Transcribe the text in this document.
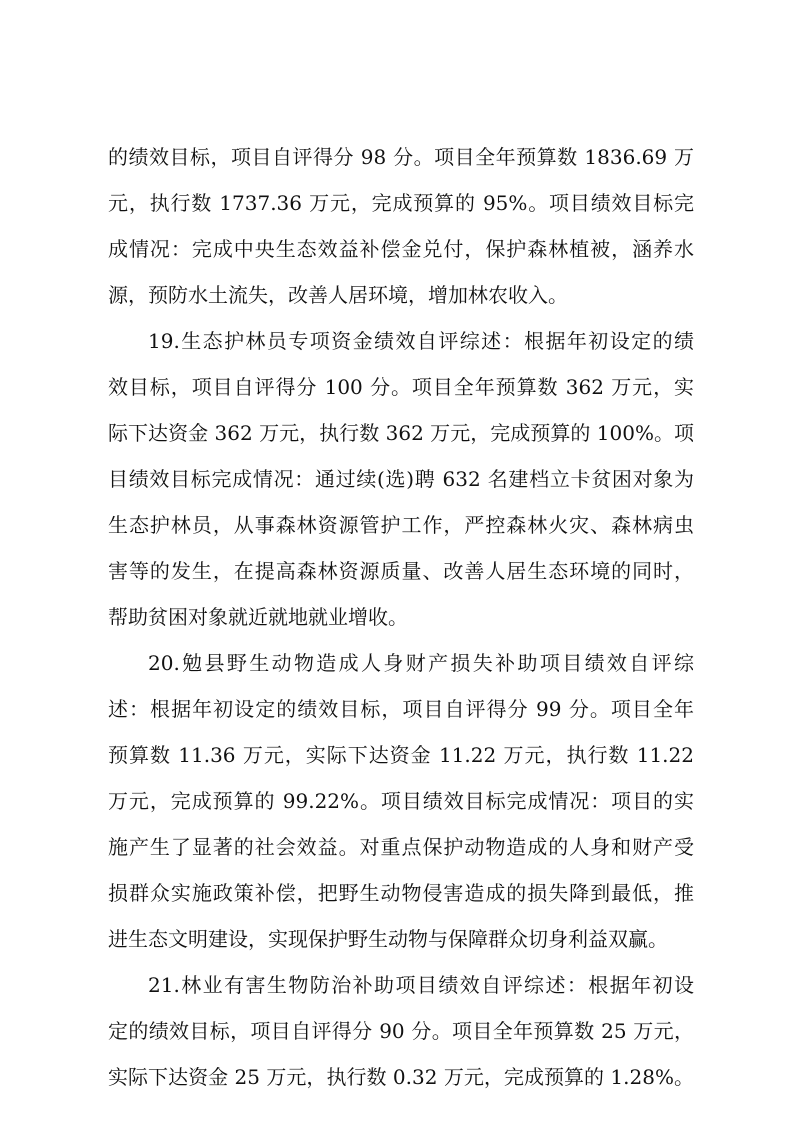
的绩效目标，项目自评得分 98 分。项目全年预算数 1836.69 万
元，执行数 1737.36 万元，完成预算的 95%。项目绩效目标完
成情况：完成中央生态效益补偿金兑付，保护森林植被，涵养水
源，预防水土流失，改善人居环境，增加林农收入。
19.生态护林员专项资金绩效自评综述：根据年初设定的绩
效目标，项目自评得分 100 分。项目全年预算数 362 万元，实
际下达资金 362 万元，执行数 362 万元，完成预算的 100%。项
目绩效目标完成情况：通过续(选)聘 632 名建档立卡贫困对象为
生态护林员，从事森林资源管护工作，严控森林火灾、森林病虫
害等的发生，在提高森林资源质量、改善人居生态环境的同时，
帮助贫困对象就近就地就业增收。
20.勉县野生动物造成人身财产损失补助项目绩效自评综
述：根据年初设定的绩效目标，项目自评得分 99 分。项目全年
预算数 11.36 万元，实际下达资金 11.22 万元，执行数 11.22
万元，完成预算的 99.22%。项目绩效目标完成情况：项目的实
施产生了显著的社会效益。对重点保护动物造成的人身和财产受
损群众实施政策补偿，把野生动物侵害造成的损失降到最低，推
进生态文明建设，实现保护野生动物与保障群众切身利益双赢。
21.林业有害生物防治补助项目绩效自评综述：根据年初设
定的绩效目标，项目自评得分 90 分。项目全年预算数 25 万元，
实际下达资金 25 万元，执行数 0.32 万元，完成预算的 1.28%。
